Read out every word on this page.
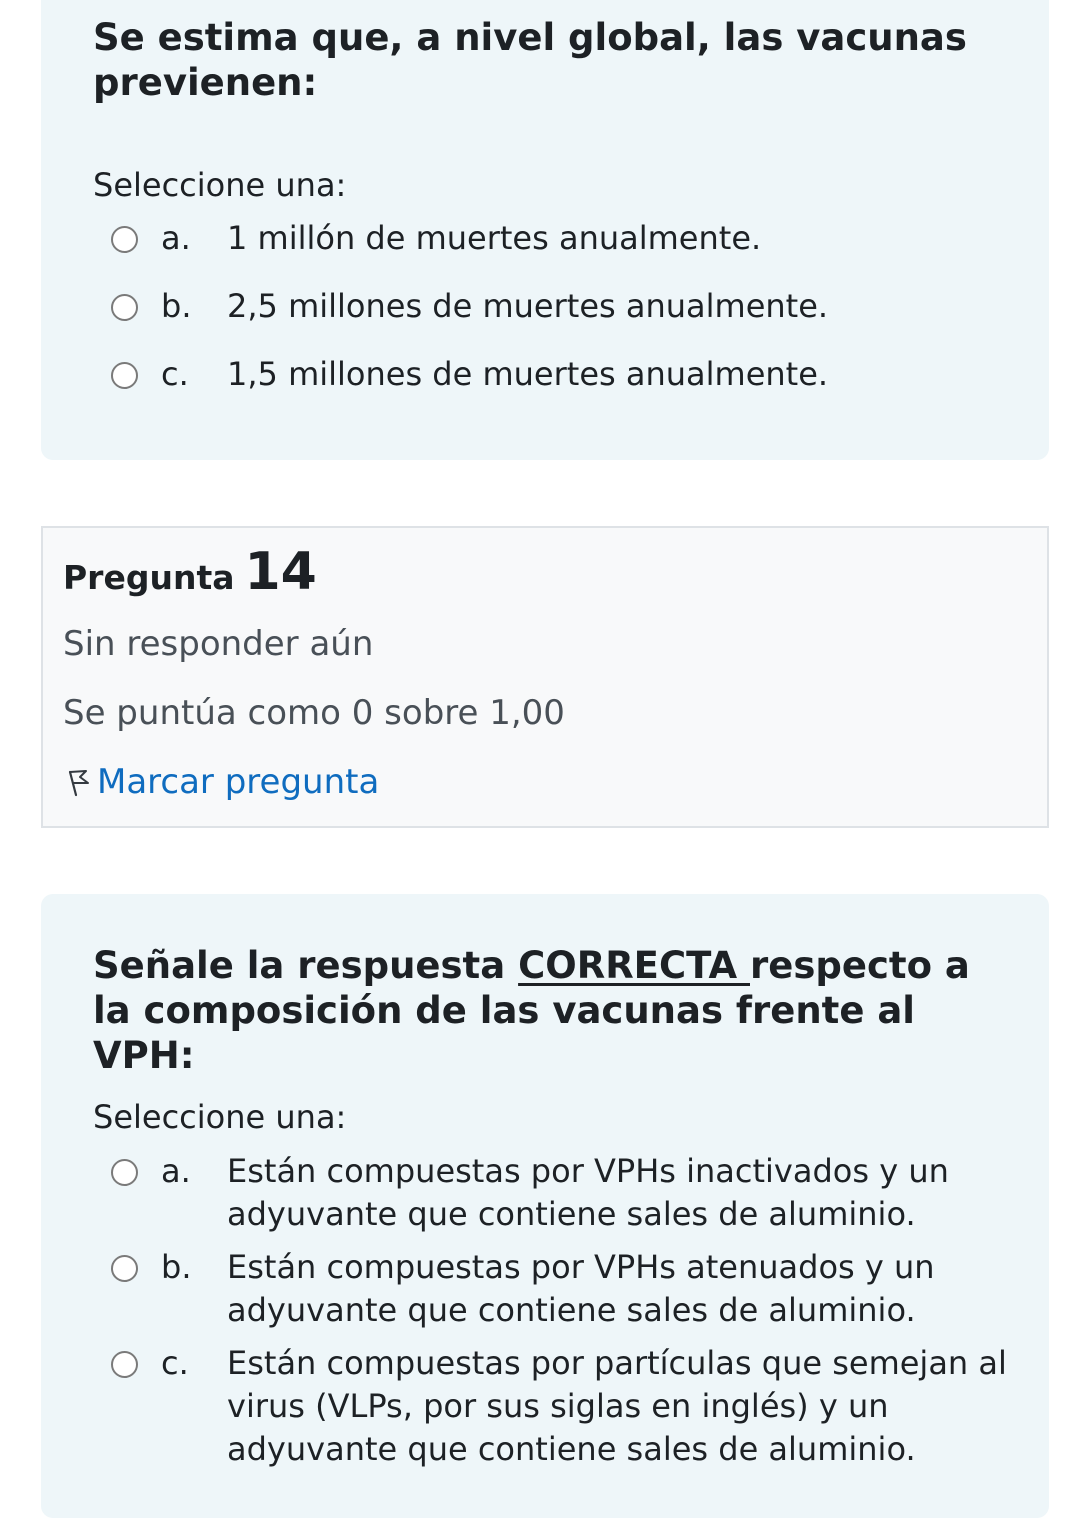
Se estima que, a nivel global, las vacunas previenen:
Seleccione una:
a. 1 millón de muertes anualmente.
b. 2,5 millones de muertes anualmente.
c. 1,5 millones de muertes anualmente.
Pregunta 14
Sin responder aún
Se puntúa como 0 sobre 1,00
Marcar pregunta
Señale la respuesta CORRECTA respecto a la composición de las vacunas frente al VPH:
Seleccione una:
a. Están compuestas por VPHs inactivados y un adyuvante que contiene sales de aluminio.
b. Están compuestas por VPHs atenuados y un adyuvante que contiene sales de aluminio.
c. Están compuestas por partículas que semejan al virus (VLPs, por sus siglas en inglés) y un adyuvante que contiene sales de aluminio.
